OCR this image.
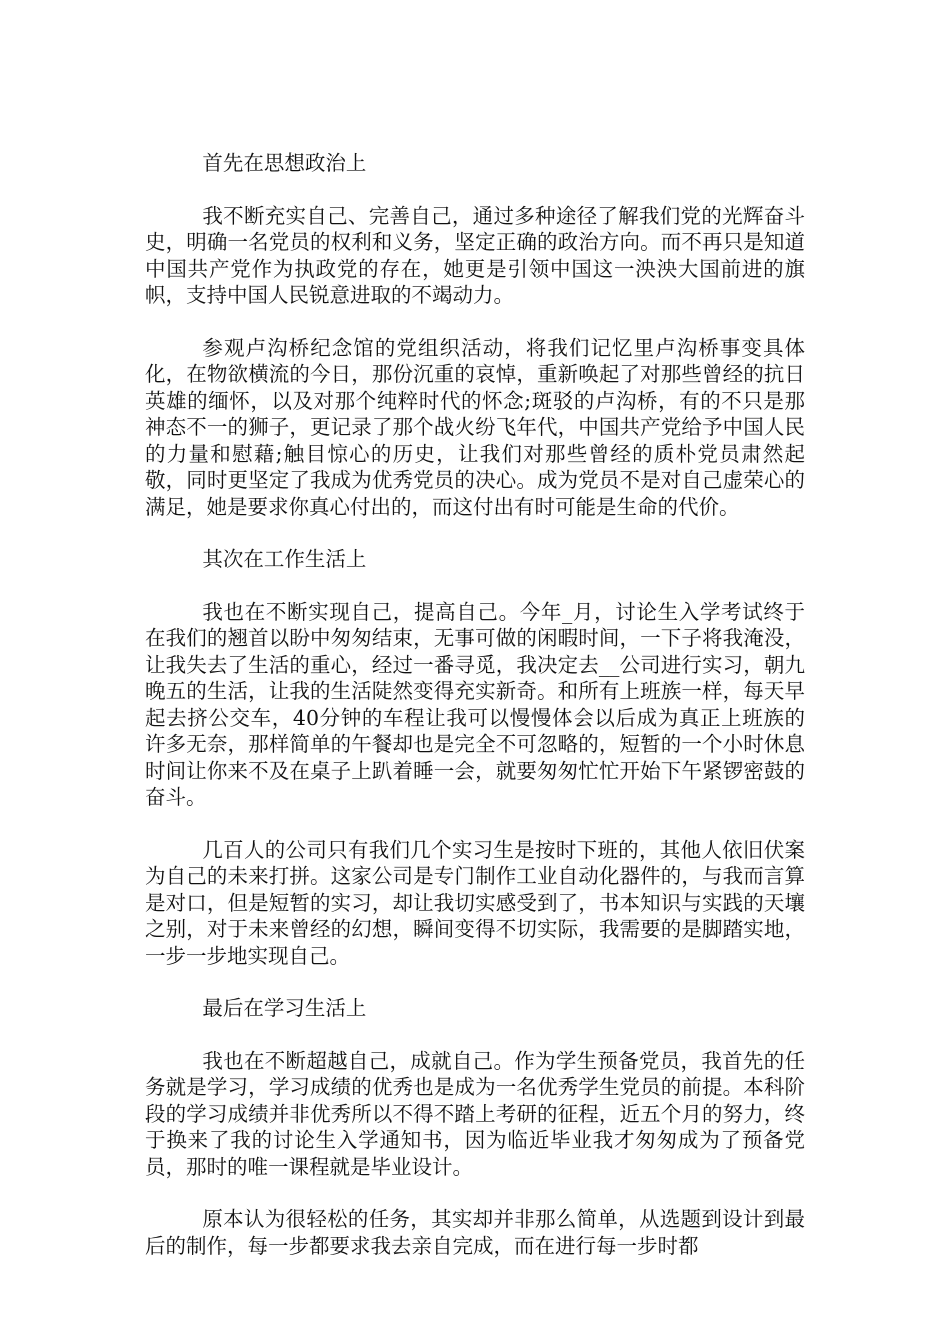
首先在思想政治上

我不断充实自己、完善自己，通过多种途径了解我们党的光辉奋斗史，明确一名党员的权利和义务，坚定正确的政治方向。而不再只是知道中国共产党作为执政党的存在，她更是引领中国这一泱泱大国前进的旗帜，支持中国人民锐意进取的不竭动力。

参观卢沟桥纪念馆的党组织活动，将我们记忆里卢沟桥事变具体化，在物欲横流的今日，那份沉重的哀悼，重新唤起了对那些曾经的抗日英雄的缅怀，以及对那个纯粹时代的怀念;斑驳的卢沟桥，有的不只是那神态不一的狮子，更记录了那个战火纷飞年代，中国共产党给予中国人民的力量和慰藉;触目惊心的历史，让我们对那些曾经的质朴党员肃然起敬，同时更坚定了我成为优秀党员的决心。成为党员不是对自己虚荣心的满足，她是要求你真心付出的，而这付出有时可能是生命的代价。

其次在工作生活上

我也在不断实现自己，提高自己。今年_月，讨论生入学考试终于在我们的翘首以盼中匆匆结束，无事可做的闲暇时间，一下子将我淹没，让我失去了生活的重心，经过一番寻觅，我决定去__公司进行实习，朝九晚五的生活，让我的生活陡然变得充实新奇。和所有上班族一样，每天早起去挤公交车，40分钟的车程让我可以慢慢体会以后成为真正上班族的许多无奈，那样简单的午餐却也是完全不可忽略的，短暂的一个小时休息时间让你来不及在桌子上趴着睡一会，就要匆匆忙忙开始下午紧锣密鼓的奋斗。

几百人的公司只有我们几个实习生是按时下班的，其他人依旧伏案为自己的未来打拼。这家公司是专门制作工业自动化器件的，与我而言算是对口，但是短暂的实习，却让我切实感受到了，书本知识与实践的天壤之别，对于未来曾经的幻想，瞬间变得不切实际，我需要的是脚踏实地，一步一步地实现自己。

最后在学习生活上

我也在不断超越自己，成就自己。作为学生预备党员，我首先的任务就是学习，学习成绩的优秀也是成为一名优秀学生党员的前提。本科阶段的学习成绩并非优秀所以不得不踏上考研的征程，近五个月的努力，终于换来了我的讨论生入学通知书，因为临近毕业我才匆匆成为了预备党员，那时的唯一课程就是毕业设计。

原本认为很轻松的任务，其实却并非那么简单，从选题到设计到最后的制作，每一步都要求我去亲自完成，而在进行每一步时都
